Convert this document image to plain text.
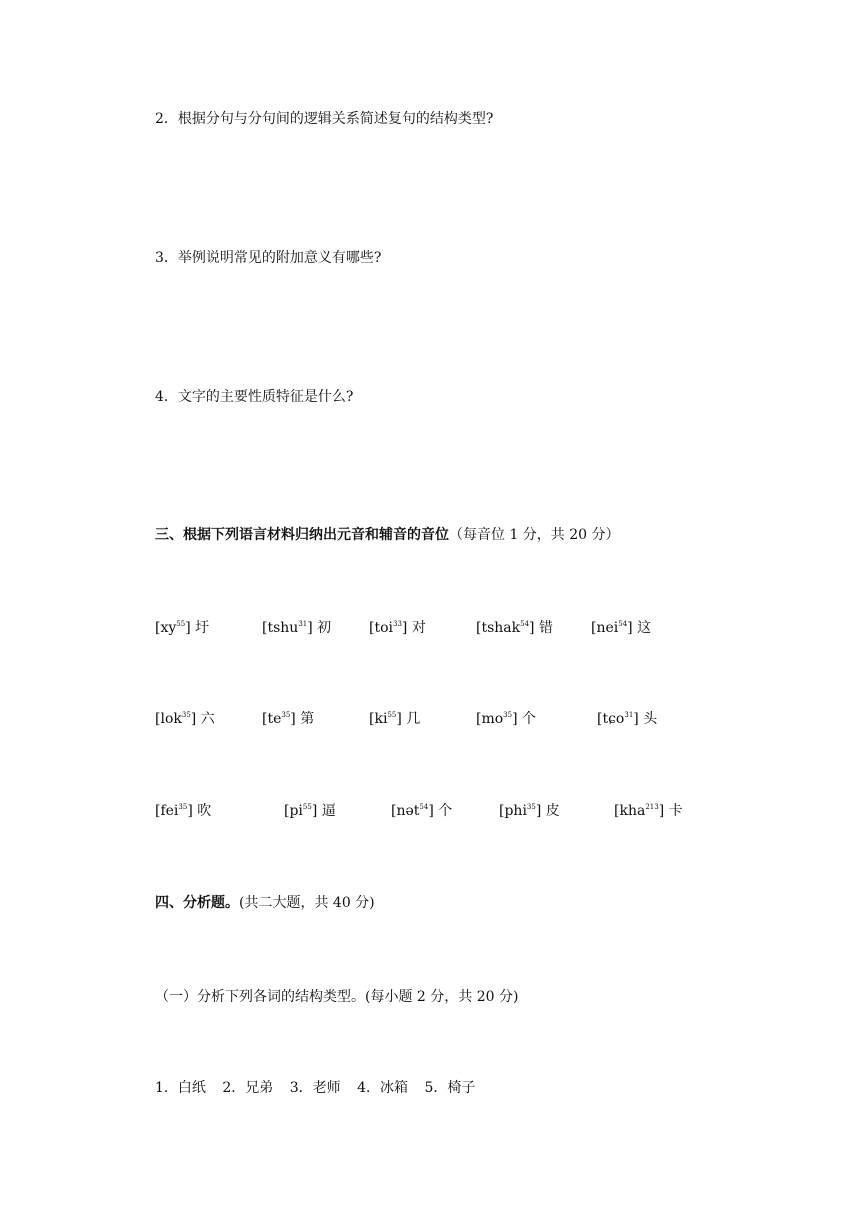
2．根据分句与分句间的逻辑关系简述复句的结构类型?
3．举例说明常见的附加意义有哪些?
4．文字的主要性质特征是什么?
三、根据下列语言材料归纳出元音和辅音的音位（每音位 1 分，共 20 分）
$[xy^{55}]$ 圩	[tshu$^{31}$] 初	[toi$^{33}$] 对	[tshak$^{54}$] 错	[nei$^{54}$] 这
[lok$^{35}$] 六	$[te^{35}]$ 第	$[ki^{55}]$ 几	$[mo^{35}]$ 个	[tɕo$^{31}$] 头
[fei$^{35}$] 吹	$[pi^{55}]$ 逼	[nət$^{54}$] 个	[phi$^{35}$] 皮	[kha$^{213}$] 卡
四、分析题。(共二大题，共 40 分)
（一）分析下列各词的结构类型。(每小题 2 分，共 20 分)
1．白纸 2．兄弟 3．老师 4．冰箱 5．椅子
